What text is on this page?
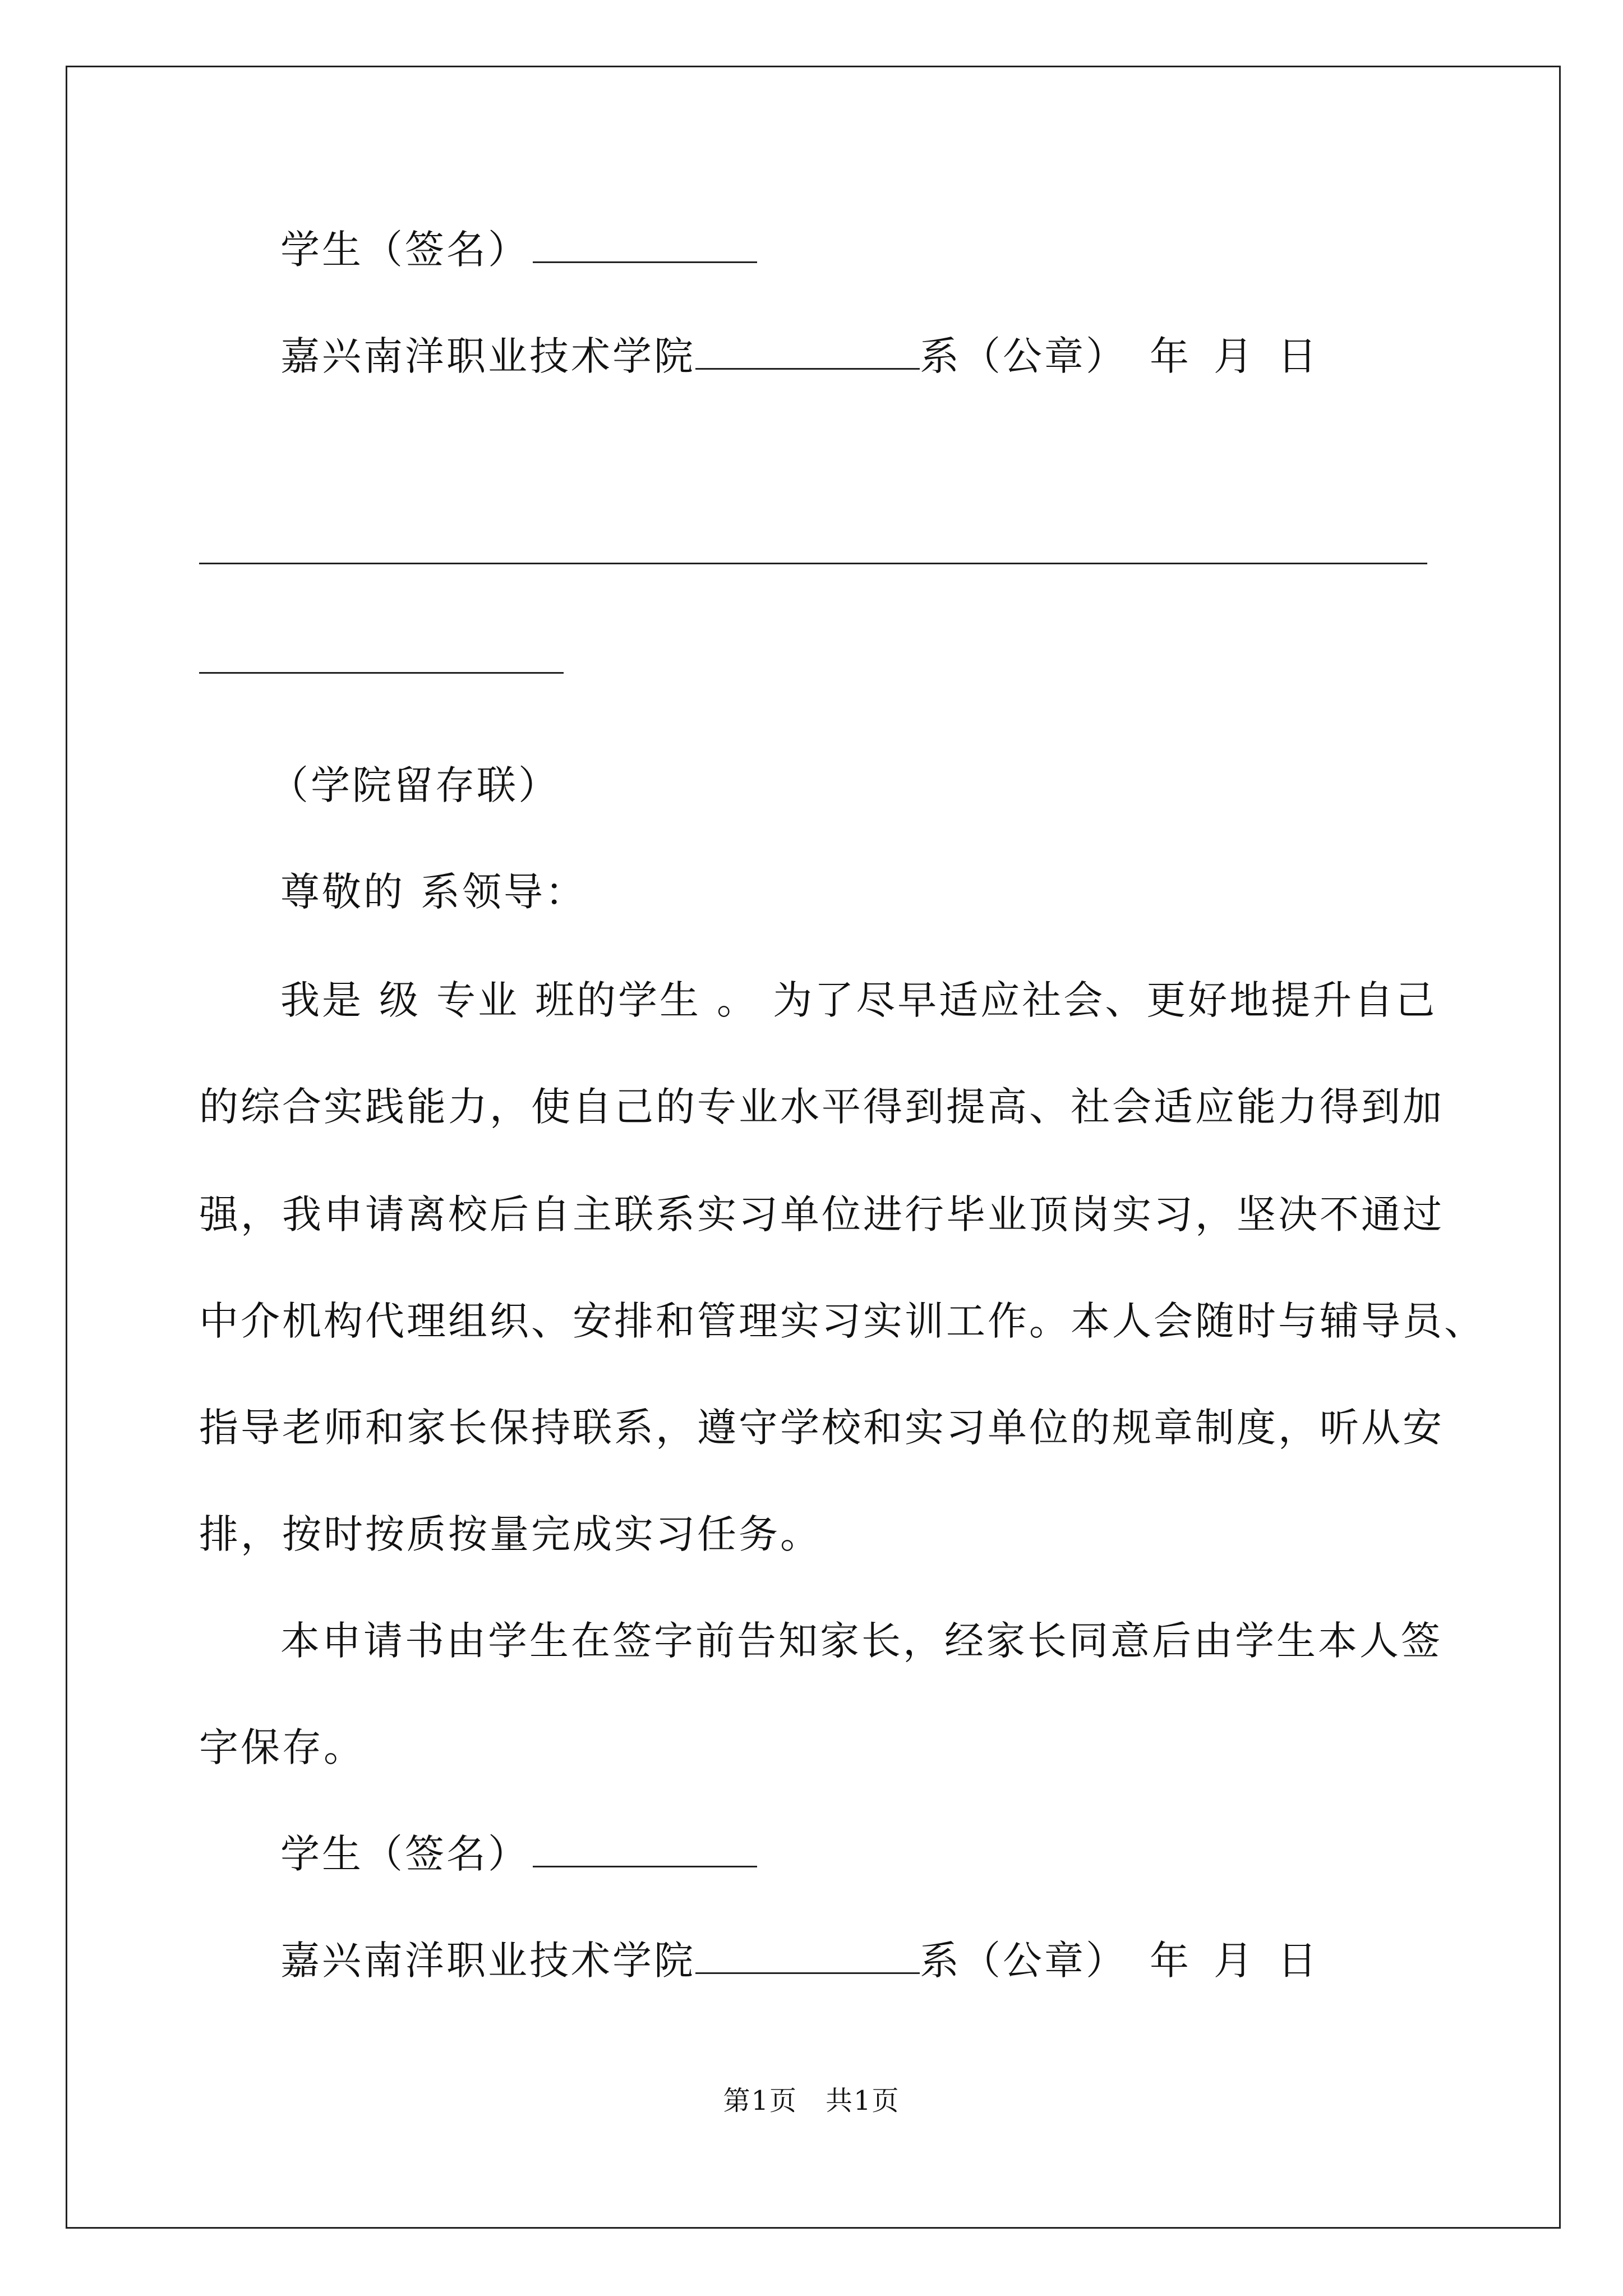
学生（签名）
嘉兴南洋职业技术学院	系（公章） 年 月 日
（学院留存联）
尊敬的 系领导：
我是 级 专业 班的学生 。 为了尽早适应社会、更好地提升自己
的综合实践能力，使自己的专业水平得到提高、社会适应能力得到加
强，我申请离校后自主联系实习单位进行毕业顶岗实习，坚决不通过
中介机构代理组织、安排和管理实习实训工作。本人会随时与辅导员、
指导老师和家长保持联系，遵守学校和实习单位的规章制度，听从安
排，按时按质按量完成实习任务。
本申请书由学生在签字前告知家长，经家长同意后由学生本人签
字保存。
学生（签名）
嘉兴南洋职业技术学院	系（公章） 年 月 日
第1页 共1页
